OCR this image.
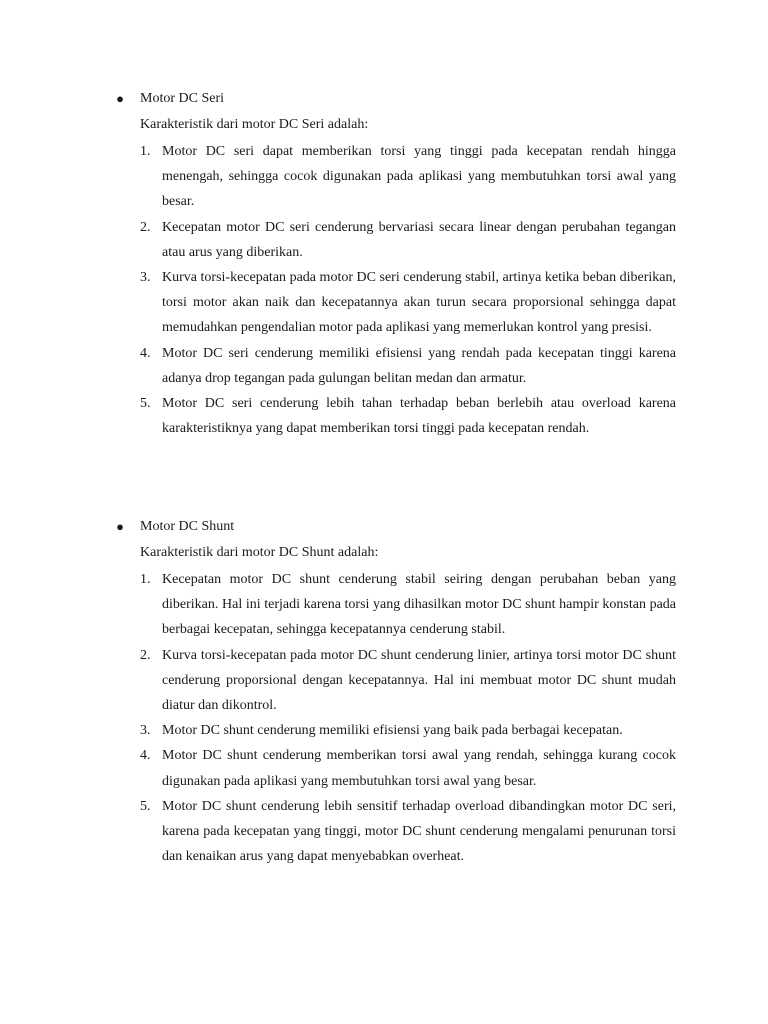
● Motor DC Seri
Karakteristik dari motor DC Seri adalah:
1. Motor DC seri dapat memberikan torsi yang tinggi pada kecepatan rendah hingga menengah, sehingga cocok digunakan pada aplikasi yang membutuhkan torsi awal yang besar.
2. Kecepatan motor DC seri cenderung bervariasi secara linear dengan perubahan tegangan atau arus yang diberikan.
3. Kurva torsi-kecepatan pada motor DC seri cenderung stabil, artinya ketika beban diberikan, torsi motor akan naik dan kecepatannya akan turun secara proporsional sehingga dapat memudahkan pengendalian motor pada aplikasi yang memerlukan kontrol yang presisi.
4. Motor DC seri cenderung memiliki efisiensi yang rendah pada kecepatan tinggi karena adanya drop tegangan pada gulungan belitan medan dan armatur.
5. Motor DC seri cenderung lebih tahan terhadap beban berlebih atau overload karena karakteristiknya yang dapat memberikan torsi tinggi pada kecepatan rendah.
● Motor DC Shunt
Karakteristik dari motor DC Shunt adalah:
1. Kecepatan motor DC shunt cenderung stabil seiring dengan perubahan beban yang diberikan. Hal ini terjadi karena torsi yang dihasilkan motor DC shunt hampir konstan pada berbagai kecepatan, sehingga kecepatannya cenderung stabil.
2. Kurva torsi-kecepatan pada motor DC shunt cenderung linier, artinya torsi motor DC shunt cenderung proporsional dengan kecepatannya. Hal ini membuat motor DC shunt mudah diatur dan dikontrol.
3. Motor DC shunt cenderung memiliki efisiensi yang baik pada berbagai kecepatan.
4. Motor DC shunt cenderung memberikan torsi awal yang rendah, sehingga kurang cocok digunakan pada aplikasi yang membutuhkan torsi awal yang besar.
5. Motor DC shunt cenderung lebih sensitif terhadap overload dibandingkan motor DC seri, karena pada kecepatan yang tinggi, motor DC shunt cenderung mengalami penurunan torsi dan kenaikan arus yang dapat menyebabkan overheat.
